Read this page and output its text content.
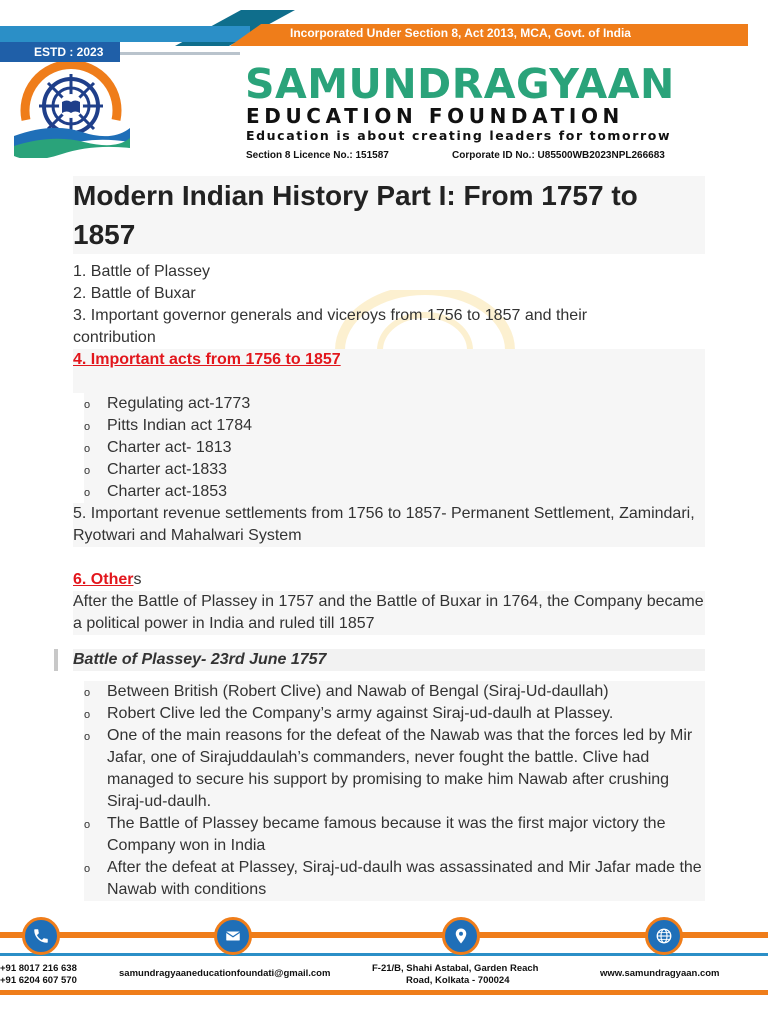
Incorporated Under Section 8, Act 2013, MCA, Govt. of India
ESTD : 2023
SAMUNDRAGYAAN
EDUCATION FOUNDATION
Education is about creating leaders for tomorrow
Section 8 Licence No.: 151587	Corporate ID No.: U85500WB2023NPL266683
Modern Indian History Part I: From 1757 to 1857
1. Battle of Plassey
2. Battle of Buxar
3. Important governor generals and viceroys from 1756 to 1857 and their contribution
4. Important acts from 1756 to 1857
o Regulating act-1773
o Pitts Indian act 1784
o Charter act- 1813
o Charter act-1833
o Charter act-1853
5. Important revenue settlements from 1756 to 1857- Permanent Settlement, Zamindari, Ryotwari and Mahalwari System
6. Others
After the Battle of Plassey in 1757 and the Battle of Buxar in 1764, the Company became a political power in India and ruled till 1857
Battle of Plassey- 23rd June 1757
o Between British (Robert Clive) and Nawab of Bengal (Siraj-Ud-daullah)
o Robert Clive led the Company’s army against Siraj-ud-daulh at Plassey.
o One of the main reasons for the defeat of the Nawab was that the forces led by Mir Jafar, one of Sirajuddaulah’s commanders, never fought the battle. Clive had managed to secure his support by promising to make him Nawab after crushing Siraj-ud-daulh.
o The Battle of Plassey became famous because it was the first major victory the Company won in India
o After the defeat at Plassey, Siraj-ud-daulh was assassinated and Mir Jafar made the Nawab with conditions
+91 8017 216 638
+91 6204 607 570
samundragyaaneducationfoundati@gmail.com	F-21/B, Shahi Astabal, Garden Reach
Road, Kolkata - 700024
www.samundragyaan.com
